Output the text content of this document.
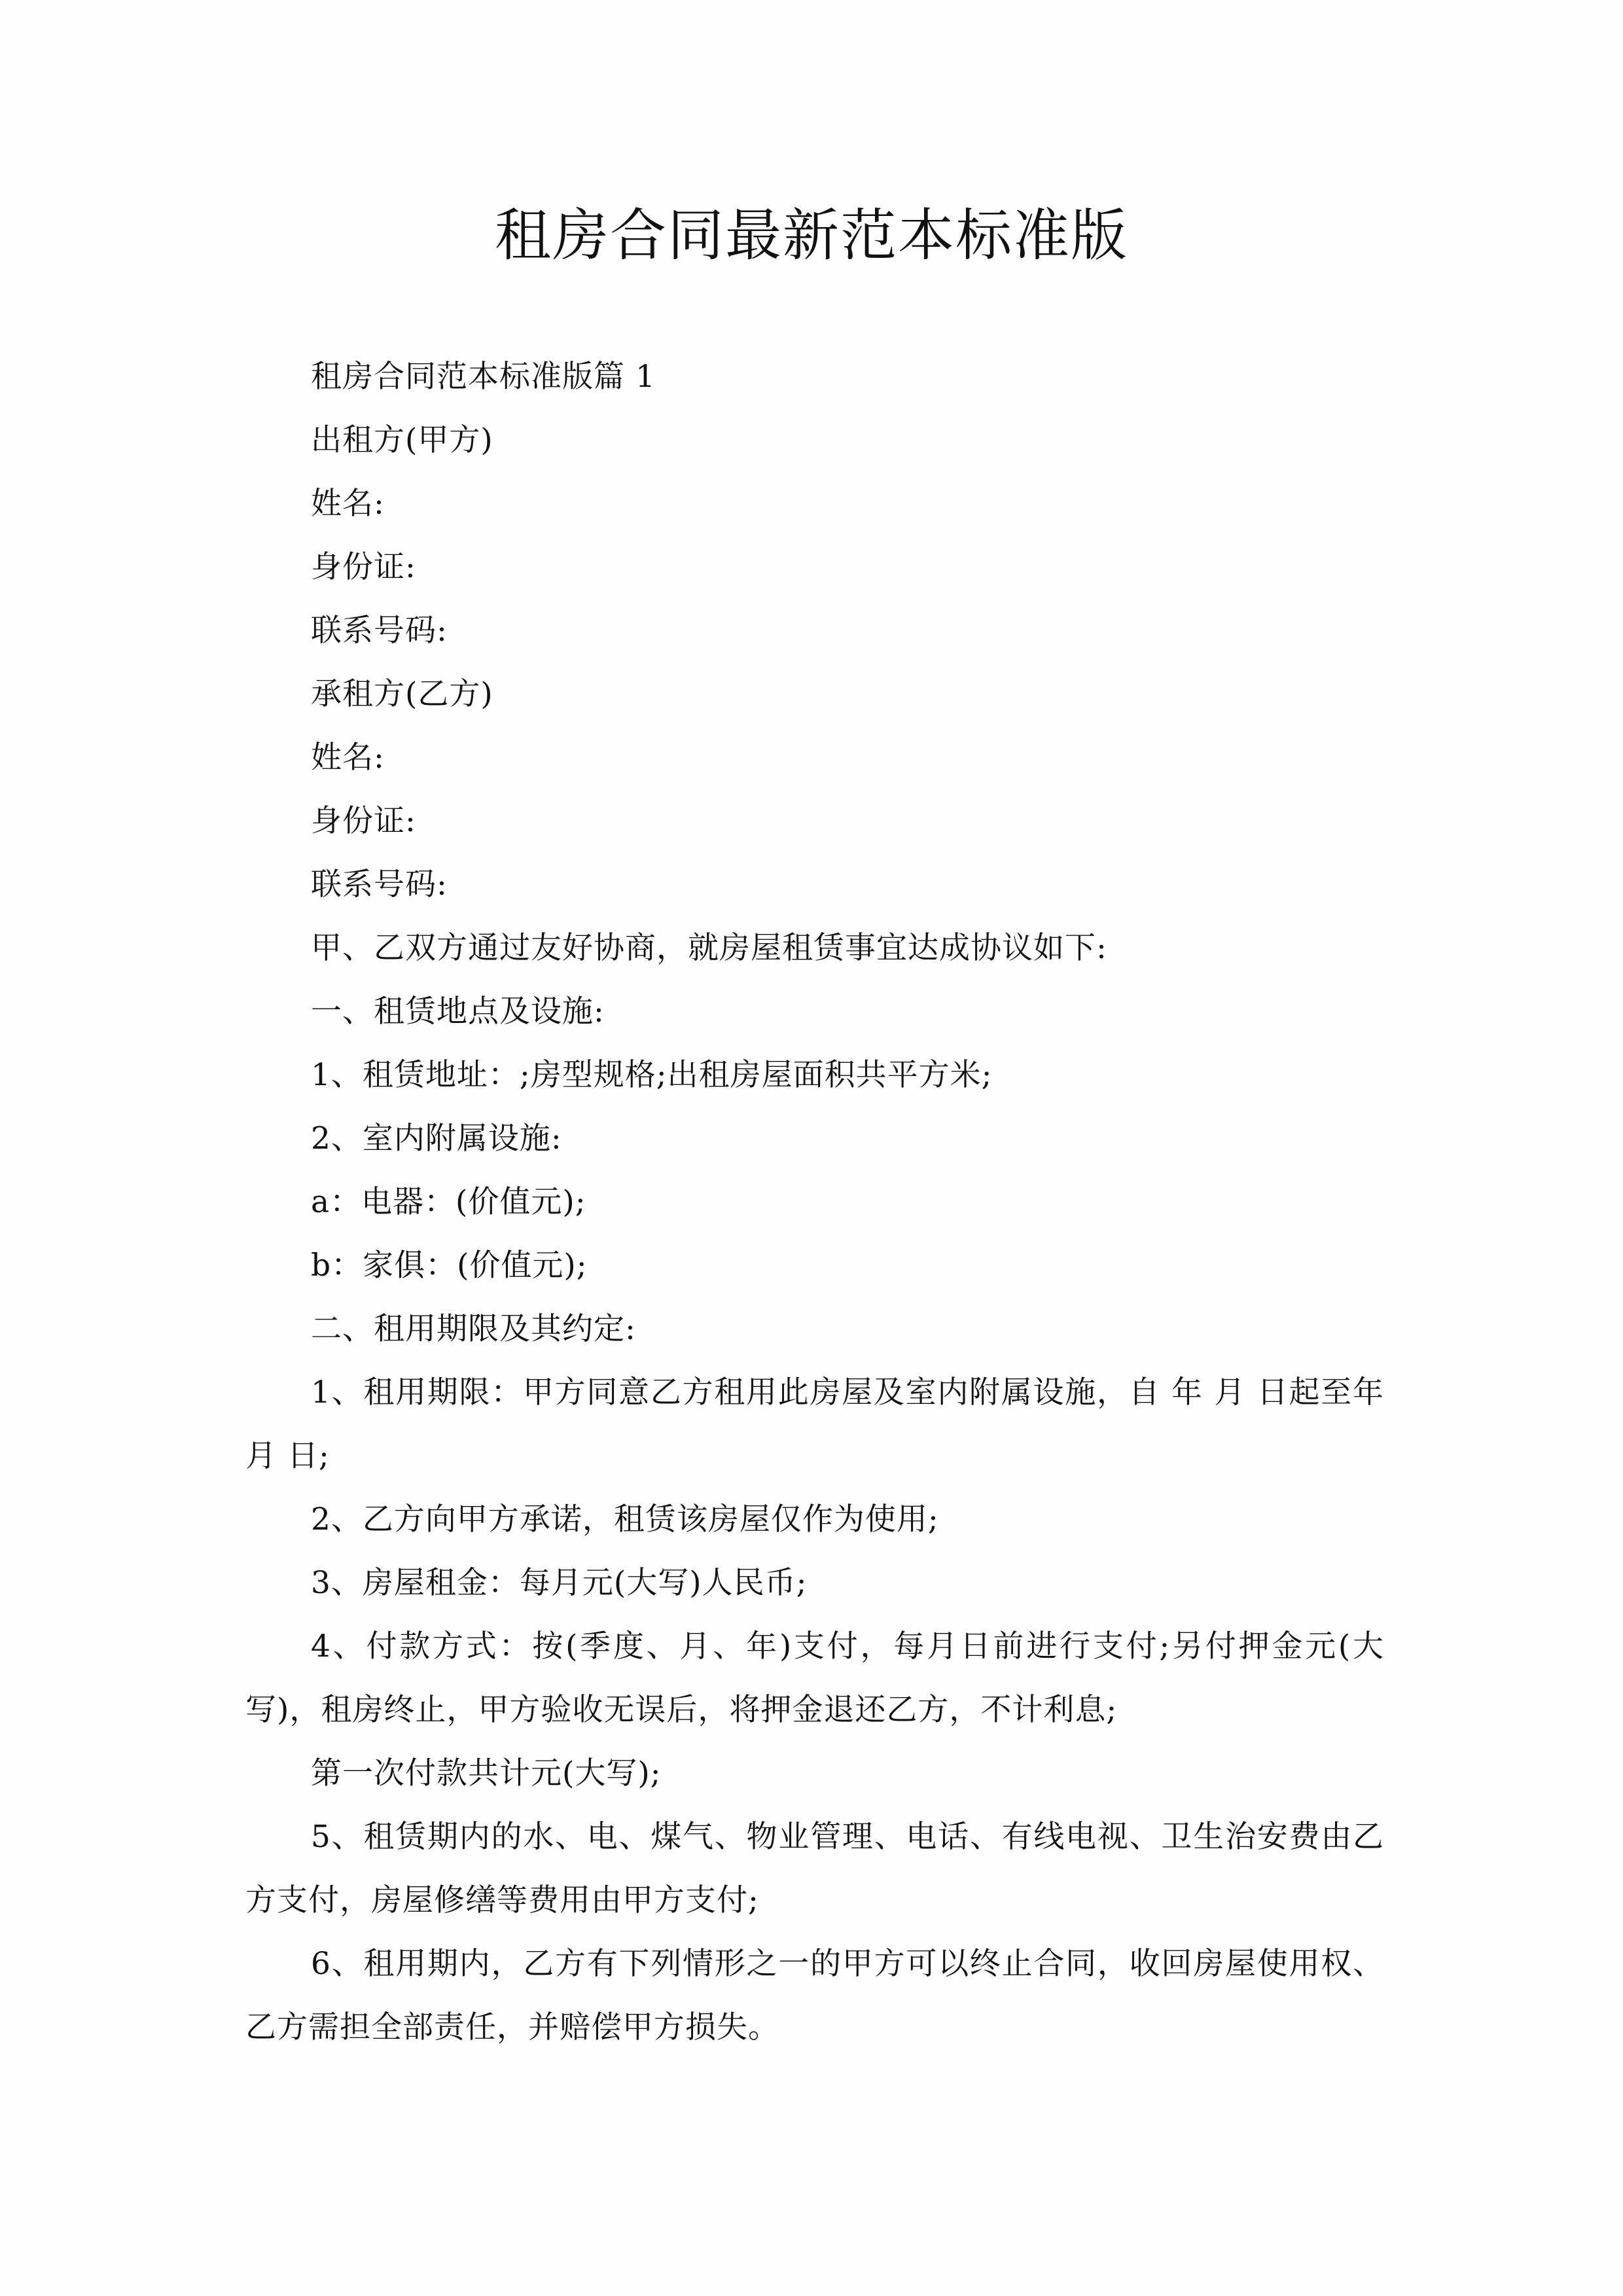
租房合同最新范本标准版

租房合同范本标准版篇 1

出租方(甲方)

姓名:

身份证:

联系号码:

承租方(乙方)

姓名:

身份证:

联系号码:

甲、乙双方通过友好协商，就房屋租赁事宜达成协议如下:

一、租赁地点及设施:

1、租赁地址：;房型规格;出租房屋面积共平方米;

2、室内附属设施:

a：电器：(价值元);

b：家俱：(价值元);

二、租用期限及其约定:

1、租用期限：甲方同意乙方租用此房屋及室内附属设施，自 年 月 日起至年 月 日;

2、乙方向甲方承诺，租赁该房屋仅作为使用;

3、房屋租金：每月元(大写)人民币;

4、付款方式：按(季度、月、年)支付，每月日前进行支付;另付押金元(大写)，租房终止，甲方验收无误后，将押金退还乙方，不计利息;

第一次付款共计元(大写);

5、租赁期内的水、电、煤气、物业管理、电话、有线电视、卫生治安费由乙方支付，房屋修缮等费用由甲方支付;

6、租用期内，乙方有下列情形之一的甲方可以终止合同，收回房屋使用权、乙方需担全部责任，并赔偿甲方损失。
